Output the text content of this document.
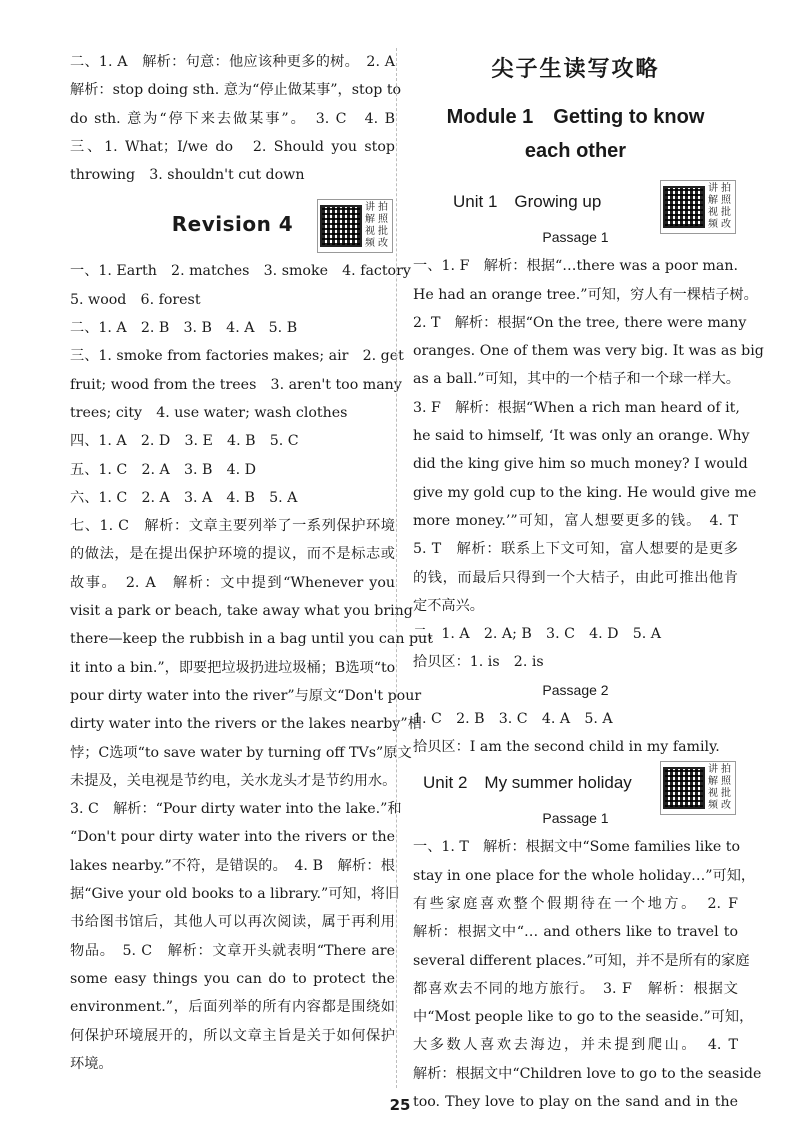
二、1. A　解析：句意：他应该种更多的树。　2. A

解析：stop doing sth. 意为“停止做某事”，stop to

do sth. 意为“停下来去做某事”。　3. C　4. B

三、1. What；I/we do　2. Should you stop

throwing　3. shouldn't cut down

Revision 4
讲 拍
解 照
视 批
频 改

一、1. Earth　2. matches　3. smoke　4. factory

5. wood　6. forest

二、1. A　2. B　3. B　4. A　5. B

三、1. smoke from factories makes; air　2. get

fruit; wood from the trees　3. aren't too many

trees; city　4. use water; wash clothes

四、1. A　2. D　3. E　4. B　5. C

五、1. C　2. A　3. B　4. D

六、1. C　2. A　3. A　4. B　5. A

七、1. C　解析：文章主要列举了一系列保护环境

的做法，是在提出保护环境的提议，而不是标志或

故事。　2. A　解析：文中提到“Whenever you

visit a park or beach, take away what you bring

there—keep the rubbish in a bag until you can put

it into a bin.”，即要把垃圾扔进垃圾桶；B选项“to

pour dirty water into the river”与原文“Don't pour

dirty water into the rivers or the lakes nearby”相

悖；C选项“to save water by turning off TVs”原文

未提及，关电视是节约电，关水龙头才是节约用水。

3. C　解析：“Pour dirty water into the lake.”和

“Don't pour dirty water into the rivers or the

lakes nearby.”不符，是错误的。　4. B　解析：根

据“Give your old books to a library.”可知，将旧

书给图书馆后，其他人可以再次阅读，属于再利用

物品。　5. C　解析：文章开头就表明“There are

some easy things you can do to protect the

environment.”，后面列举的所有内容都是围绕如

何保护环境展开的，所以文章主旨是关于如何保护

环境。

尖子生读写攻略
Module 1　Getting to know
each other
Unit 1　Growing up
讲 拍
解 照
视 批
频 改
Passage 1

一、1. F　解析：根据“…there was a poor man.

He had an orange tree.”可知，穷人有一棵桔子树。

2. T　解析：根据“On the tree, there were many

oranges. One of them was very big. It was as big

as a ball.”可知，其中的一个桔子和一个球一样大。

3. F　解析：根据“When a rich man heard of it,

he said to himself, ‘It was only an orange. Why

did the king give him so much money? I would

give my gold cup to the king. He would give me

more money.’”可知，富人想要更多的钱。　4. T

5. T　解析：联系上下文可知，富人想要的是更多

的钱，而最后只得到一个大桔子，由此可推出他肯

定不高兴。

二、1. A　2. A; B　3. C　4. D　5. A

拾贝区：1. is　2. is

Passage 2

1. C　2. B　3. C　4. A　5. A

拾贝区：I am the second child in my family.

Unit 2　My summer holiday
讲 拍
解 照
视 批
频 改
Passage 1

一、1. T　解析：根据文中“Some families like to

stay in one place for the whole holiday…”可知，

有些家庭喜欢整个假期待在一个地方。　2. F

解析：根据文中“… and others like to travel to

several different places.”可知，并不是所有的家庭

都喜欢去不同的地方旅行。　3. F　解析：根据文

中“Most people like to go to the seaside.”可知，

大多数人喜欢去海边，并未提到爬山。　4. T

解析：根据文中“Children love to go to the seaside

too. They love to play on the sand and in the

25
